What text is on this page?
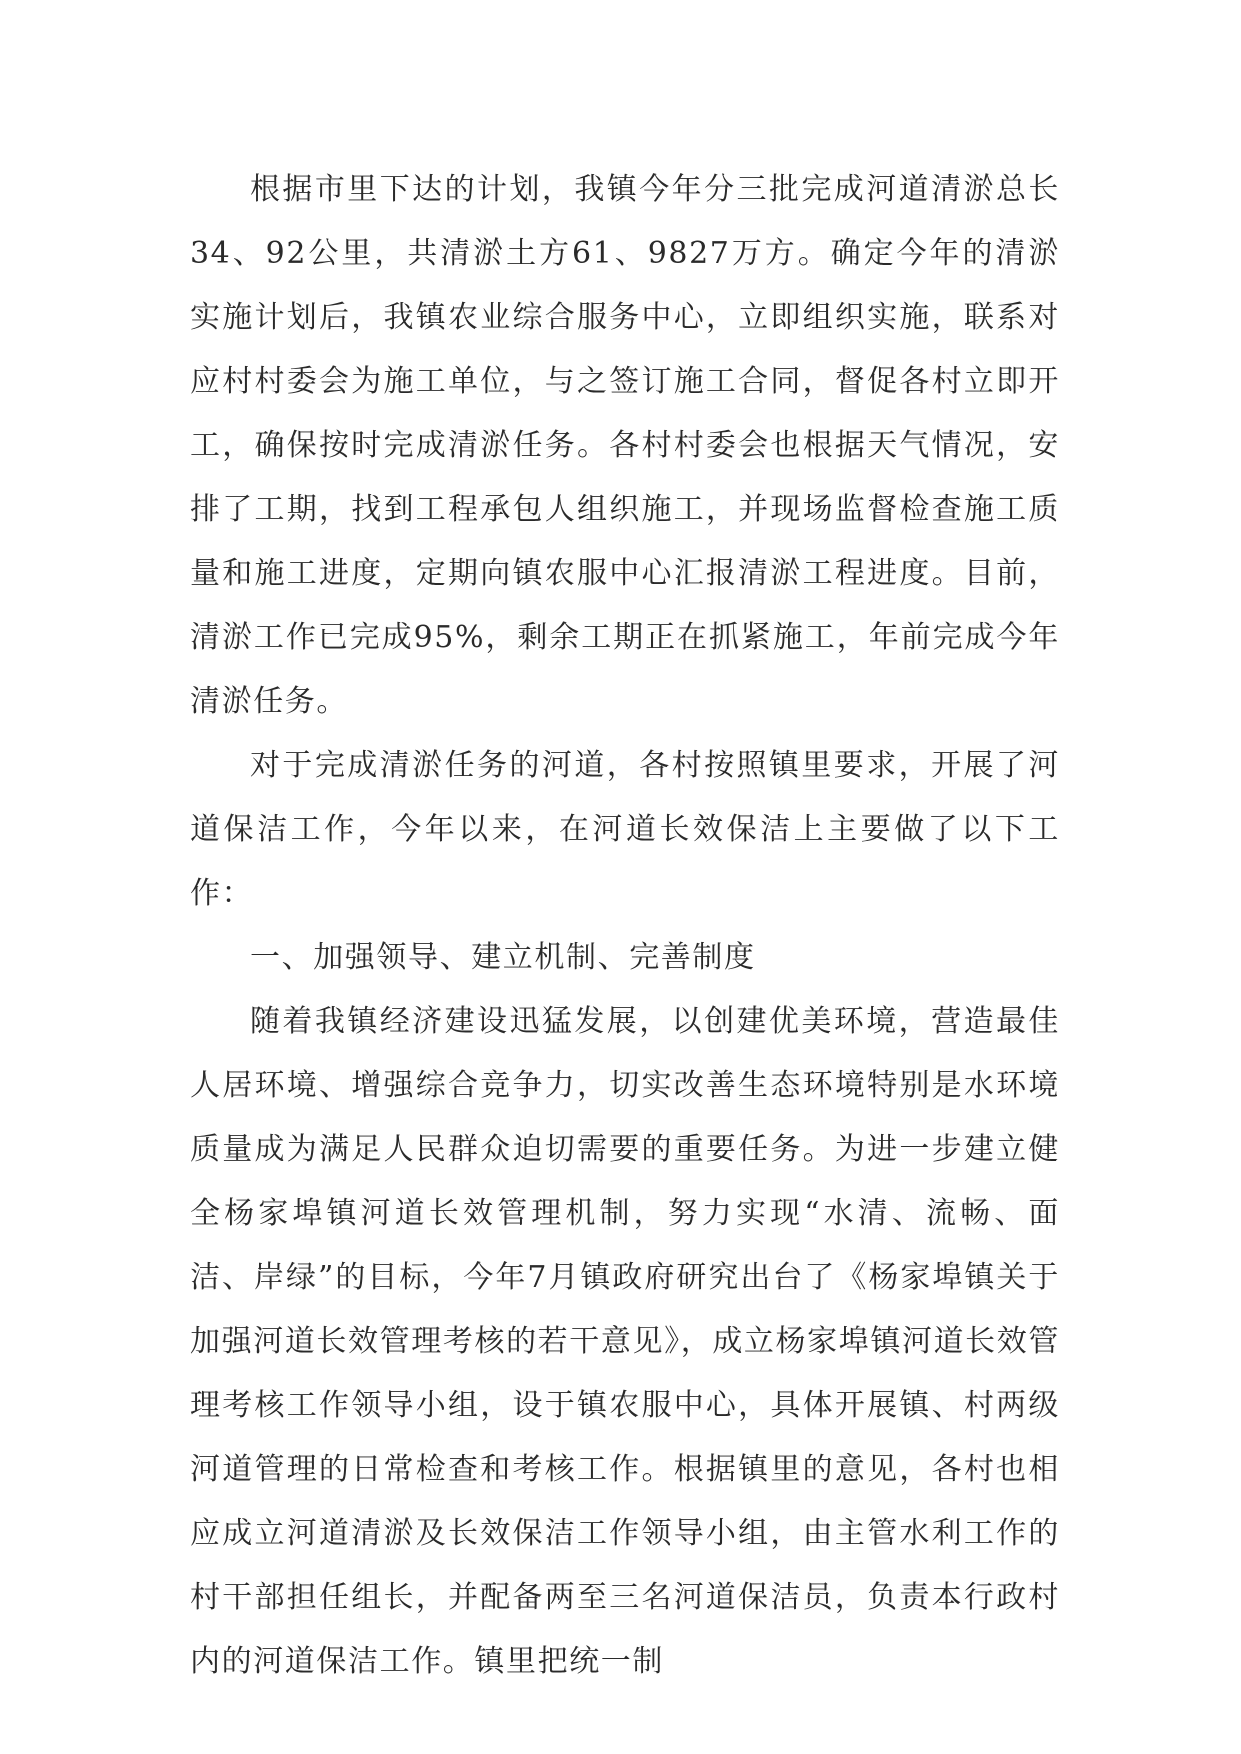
根据市里下达的计划，我镇今年分三批完成河道清淤总长34、92公里，共清淤土方61、9827万方。确定今年的清淤实施计划后，我镇农业综合服务中心，立即组织实施，联系对应村村委会为施工单位，与之签订施工合同，督促各村立即开工，确保按时完成清淤任务。各村村委会也根据天气情况，安排了工期，找到工程承包人组织施工，并现场监督检查施工质量和施工进度，定期向镇农服中心汇报清淤工程进度。目前，清淤工作已完成95%，剩余工期正在抓紧施工，年前完成今年清淤任务。

对于完成清淤任务的河道，各村按照镇里要求，开展了河道保洁工作，今年以来，在河道长效保洁上主要做了以下工作：

一、加强领导、建立机制、完善制度

随着我镇经济建设迅猛发展，以创建优美环境，营造最佳人居环境、增强综合竞争力，切实改善生态环境特别是水环境质量成为满足人民群众迫切需要的重要任务。为进一步建立健全杨家埠镇河道长效管理机制，努力实现“水清、流畅、面洁、岸绿”的目标，今年7月镇政府研究出台了《杨家埠镇关于加强河道长效管理考核的若干意见》，成立杨家埠镇河道长效管理考核工作领导小组，设于镇农服中心，具体开展镇、村两级河道管理的日常检查和考核工作。根据镇里的意见，各村也相应成立河道清淤及长效保洁工作领导小组，由主管水利工作的村干部担任组长，并配备两至三名河道保洁员，负责本行政村内的河道保洁工作。镇里把统一制
